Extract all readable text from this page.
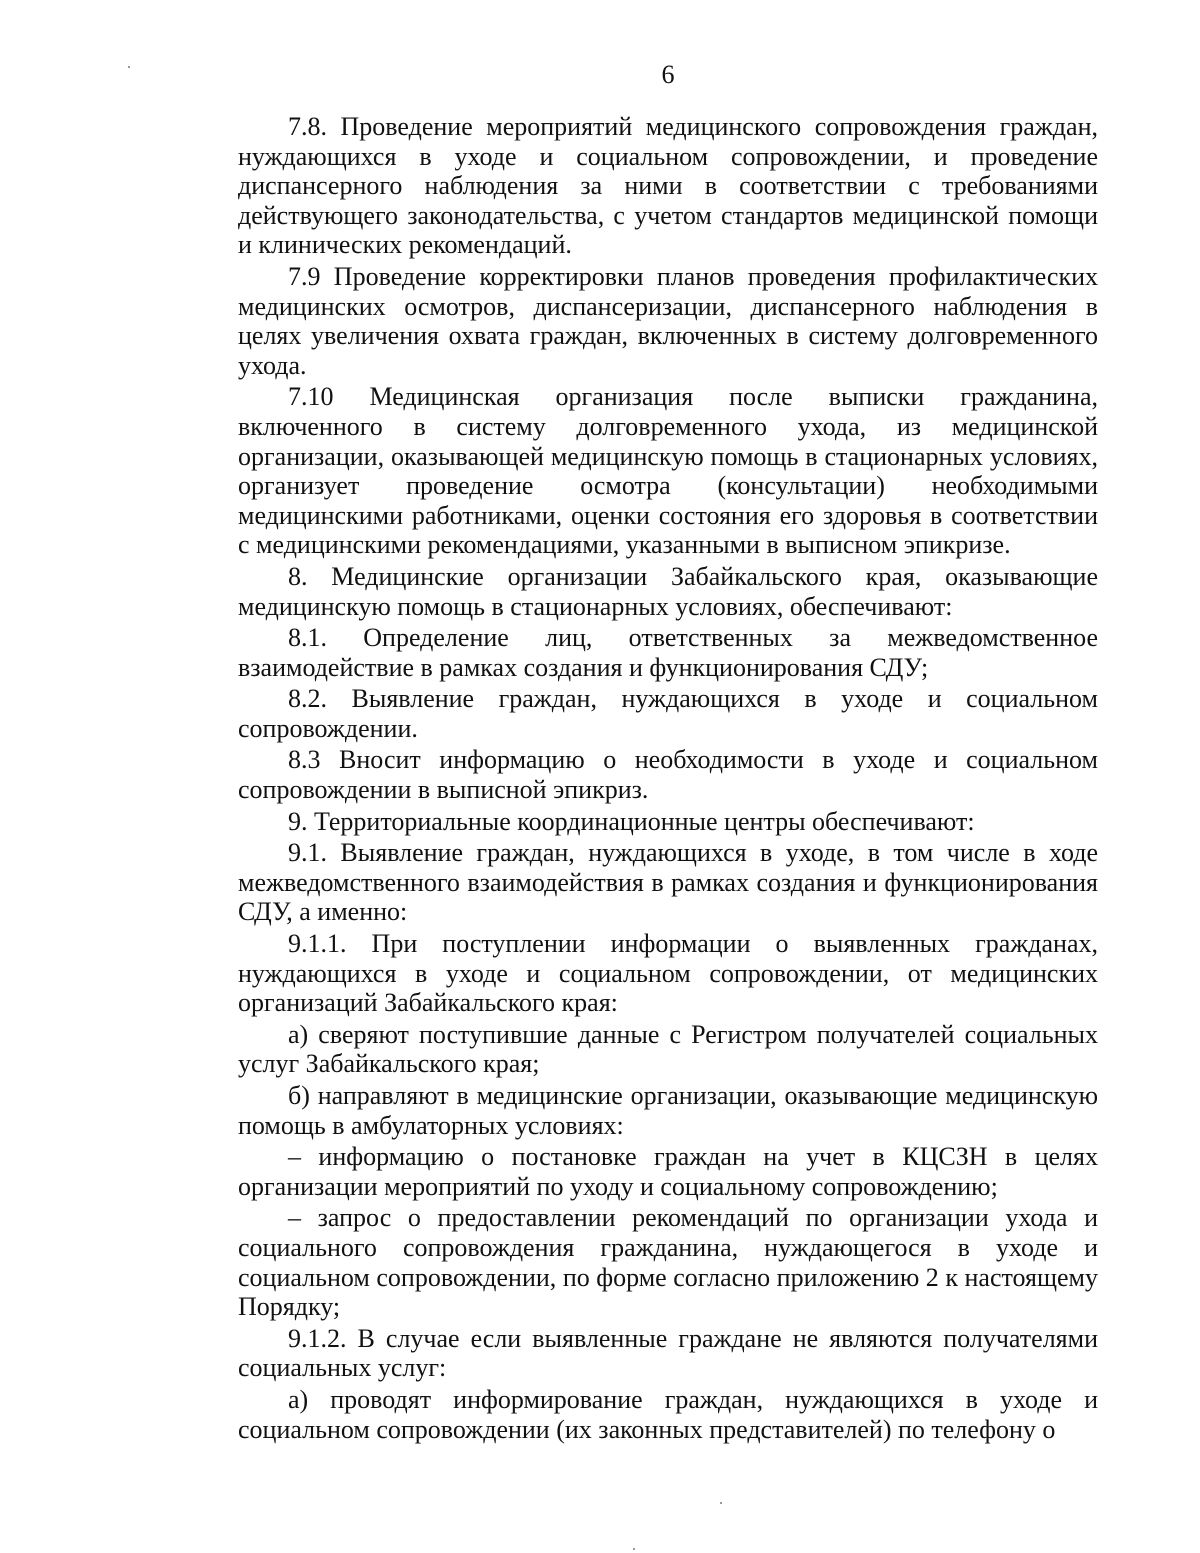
6

7.8. Проведение мероприятий медицинского сопровождения граждан, нуждающихся в уходе и социальном сопровождении, и проведение диспансерного наблюдения за ними в соответствии с требованиями действующего законодательства, с учетом стандартов медицинской помощи и клинических рекомендаций.

7.9 Проведение корректировки планов проведения профилактических медицинских осмотров, диспансеризации, диспансерного наблюдения в целях увеличения охвата граждан, включенных в систему долговременного ухода.

7.10 Медицинская организация после выписки гражданина, включенного в систему долговременного ухода, из медицинской организации, оказывающей медицинскую помощь в стационарных условиях, организует проведение осмотра (консультации) необходимыми медицинскими работниками, оценки состояния его здоровья в соответствии с медицинскими рекомендациями, указанными в выписном эпикризе.

8. Медицинские организации Забайкальского края, оказывающие медицинскую помощь в стационарных условиях, обеспечивают:

8.1. Определение лиц, ответственных за межведомственное взаимодействие в рамках создания и функционирования СДУ;

8.2. Выявление граждан, нуждающихся в уходе и социальном сопровождении.

8.3 Вносит информацию о необходимости в уходе и социальном сопровождении в выписной эпикриз.

9. Территориальные координационные центры обеспечивают:

9.1. Выявление граждан, нуждающихся в уходе, в том числе в ходе межведомственного взаимодействия в рамках создания и функционирования СДУ, а именно:

9.1.1. При поступлении информации о выявленных гражданах, нуждающихся в уходе и социальном сопровождении, от медицинских организаций Забайкальского края:

а) сверяют поступившие данные с Регистром получателей социальных услуг Забайкальского края;

б) направляют в медицинские организации, оказывающие медицинскую помощь в амбулаторных условиях:

– информацию о постановке граждан на учет в КЦСЗН в целях организации мероприятий по уходу и социальному сопровождению;

– запрос о предоставлении рекомендаций по организации ухода и социального сопровождения гражданина, нуждающегося в уходе и социальном сопровождении, по форме согласно приложению 2 к настоящему Порядку;

9.1.2. В случае если выявленные граждане не являются получателями социальных услуг:

а) проводят информирование граждан, нуждающихся в уходе и социальном сопровождении (их законных представителей) по телефону о
